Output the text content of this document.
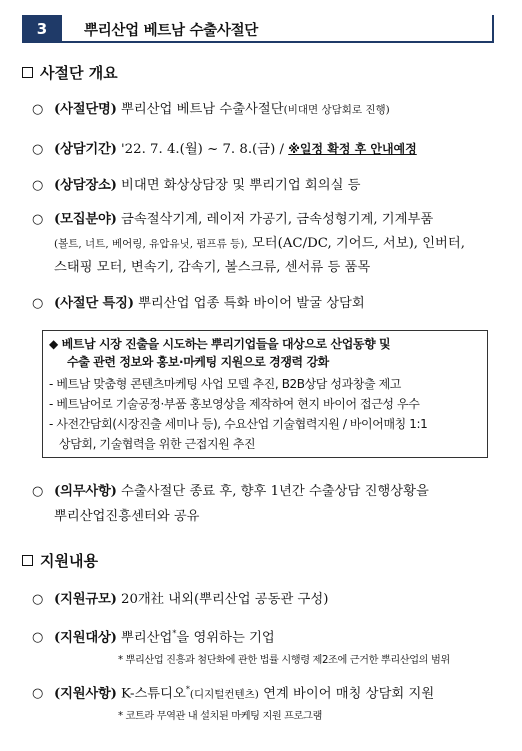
3	뿌리산업 베트남 수출사절단
사절단 개요
○ (사절단명) 뿌리산업 베트남 수출사절단(비대면 상담회로 진행)
○ (상담기간) '22. 7. 4.(월) ~ 7. 8.(금) / ※일정 확정 후 안내예정
○ (상담장소) 비대면 화상상담장 및 뿌리기업 회의실 등
○ (모집분야) 금속절삭기계, 레이저 가공기, 금속성형기계, 기계부품
(볼트, 너트, 베어링, 유압유닛, 펌프류 등), 모터(AC/DC, 기어드, 서보), 인버터,
스태핑 모터, 변속기, 감속기, 볼스크류, 센서류 등 품목
○ (사절단 특징) 뿌리산업 업종 특화 바이어 발굴 상담회
◆ 베트남 시장 진출을 시도하는 뿌리기업들을 대상으로 산업동향 및
수출 관련 정보와 홍보·마케팅 지원으로 경쟁력 강화
- 베트남 맞춤형 콘텐츠마케팅 사업 모델 추진, B2B상담 성과창출 제고
- 베트남어로 기술공정·부품 홍보영상을 제작하여 현지 바이어 접근성 우수
- 사전간담회(시장진출 세미나 등), 수요산업 기술협력지원 / 바이어매칭 1:1
상담회, 기술협력을 위한 근접지원 추진
○ (의무사항) 수출사절단 종료 후, 향후 1년간 수출상담 진행상황을
뿌리산업진흥센터와 공유
지원내용
○ (지원규모) 20개社 내외(뿌리산업 공동관 구성)
○ (지원대상) 뿌리산업*을 영위하는 기업
* 뿌리산업 진흥과 첨단화에 관한 법률 시행령 제2조에 근거한 뿌리산업의 범위
○ (지원사항) K-스튜디오*(디지털컨텐츠) 연계 바이어 매칭 상담회 지원
* 코트라 무역관 내 설치된 마케팅 지원 프로그램
